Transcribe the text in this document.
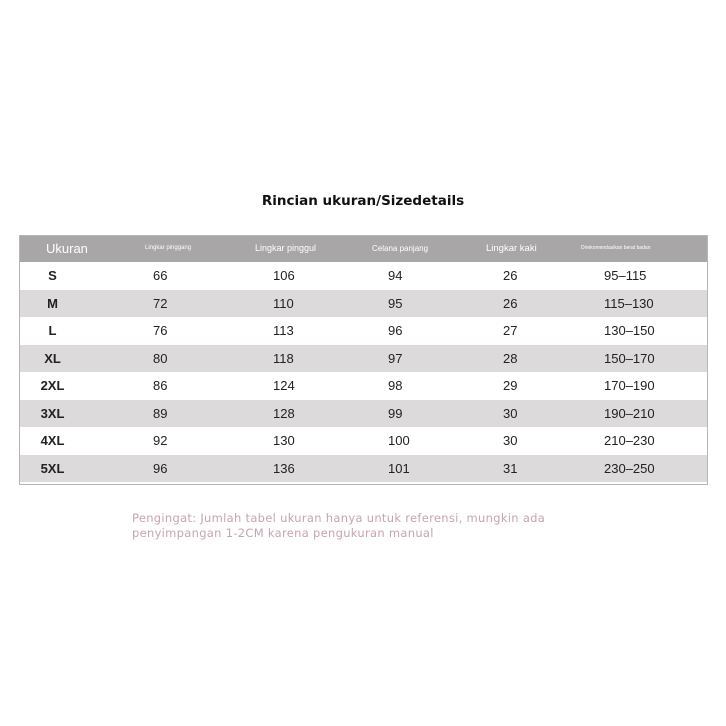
Rincian ukuran/Sizedetails
Ukuran	Lingkar pinggang	Lingkar pinggul	Celana panjang	Lingkar kaki	Direkomendasikan berat badan
S	66	106	94	26	95–115
M	72	110	95	26	115–130
L	76	113	96	27	130–150
XL	80	118	97	28	150–170
2XL	86	124	98	29	170–190
3XL	89	128	99	30	190–210
4XL	92	130	100	30	210–230
5XL	96	136	101	31	230–250
Pengingat: Jumlah tabel ukuran hanya untuk referensi, mungkin ada
penyimpangan 1-2CM karena pengukuran manual
